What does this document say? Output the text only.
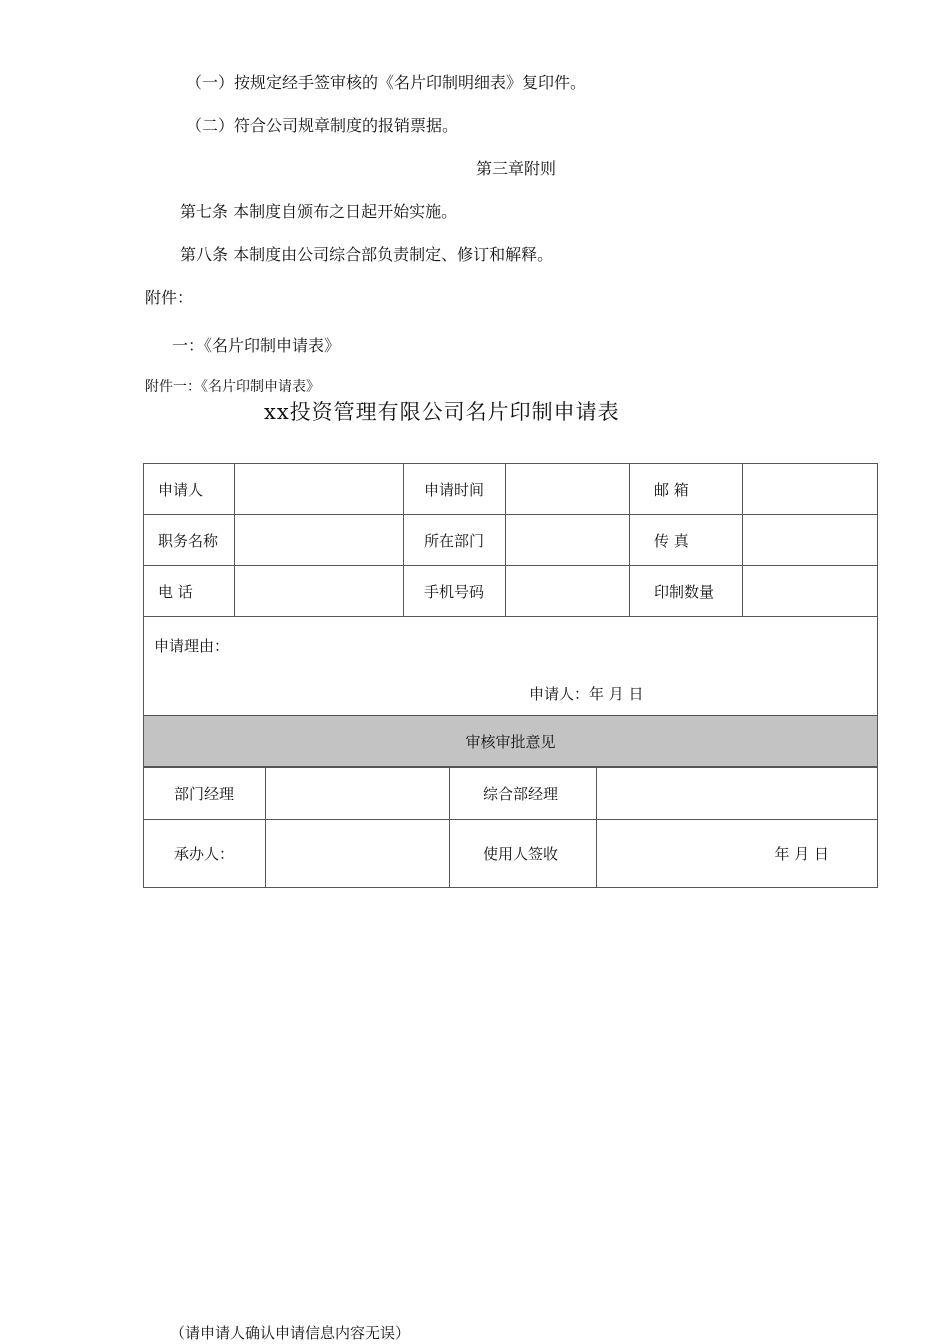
（一）按规定经手签审核的《名片印制明细表》复印件。
（二）符合公司规章制度的报销票据。
第三章附则
第七条 本制度自颁布之日起开始实施。
第八条 本制度由公司综合部负责制定、修订和解释。
附件：
一：《名片印制申请表》
附件一：《名片印制申请表》
xx投资管理有限公司名片印制申请表
申请人		申请时间		邮 箱	
职务名称		所在部门		传 真	
电 话		手机号码		印制数量	

申请理由：
申请人：年 月 日					

审核审批意见					
部门经理		综合部经理	
承办人：		使用人签收	年 月 日
（请申请人确认申请信息内容无误）
